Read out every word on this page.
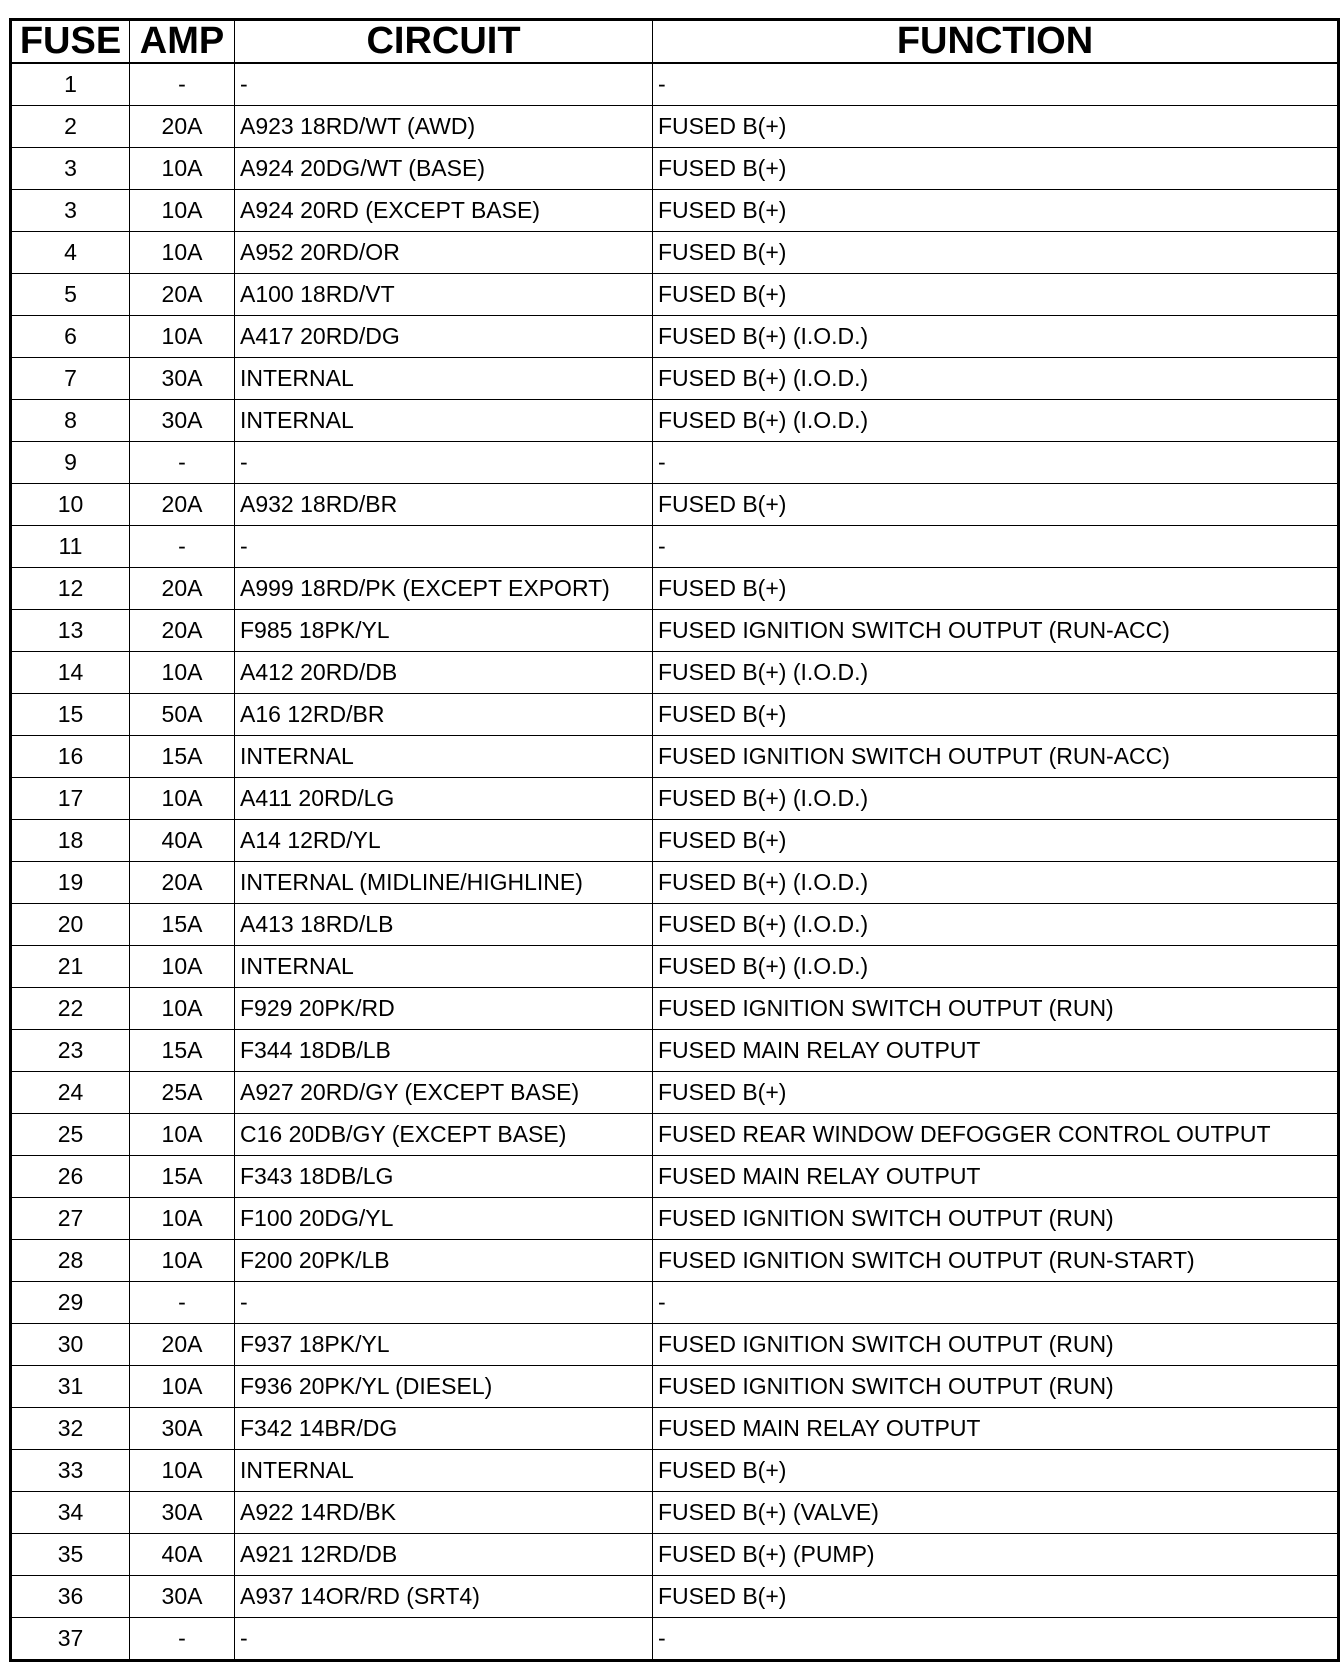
FUSE	AMP	CIRCUIT	FUNCTION
1	-	-	-
2	20A	A923 18RD/WT (AWD)	FUSED B(+)
3	10A	A924 20DG/WT (BASE)	FUSED B(+)
3	10A	A924 20RD (EXCEPT BASE)	FUSED B(+)
4	10A	A952 20RD/OR	FUSED B(+)
5	20A	A100 18RD/VT	FUSED B(+)
6	10A	A417 20RD/DG	FUSED B(+) (I.O.D.)
7	30A	INTERNAL	FUSED B(+) (I.O.D.)
8	30A	INTERNAL	FUSED B(+) (I.O.D.)
9	-	-	-
10	20A	A932 18RD/BR	FUSED B(+)
11	-	-	-
12	20A	A999 18RD/PK (EXCEPT EXPORT)	FUSED B(+)
13	20A	F985 18PK/YL	FUSED IGNITION SWITCH OUTPUT (RUN-ACC)
14	10A	A412 20RD/DB	FUSED B(+) (I.O.D.)
15	50A	A16 12RD/BR	FUSED B(+)
16	15A	INTERNAL	FUSED IGNITION SWITCH OUTPUT (RUN-ACC)
17	10A	A411 20RD/LG	FUSED B(+) (I.O.D.)
18	40A	A14 12RD/YL	FUSED B(+)
19	20A	INTERNAL (MIDLINE/HIGHLINE)	FUSED B(+) (I.O.D.)
20	15A	A413 18RD/LB	FUSED B(+) (I.O.D.)
21	10A	INTERNAL	FUSED B(+) (I.O.D.)
22	10A	F929 20PK/RD	FUSED IGNITION SWITCH OUTPUT (RUN)
23	15A	F344 18DB/LB	FUSED MAIN RELAY OUTPUT
24	25A	A927 20RD/GY (EXCEPT BASE)	FUSED B(+)
25	10A	C16 20DB/GY (EXCEPT BASE)	FUSED REAR WINDOW DEFOGGER CONTROL OUTPUT
26	15A	F343 18DB/LG	FUSED MAIN RELAY OUTPUT
27	10A	F100 20DG/YL	FUSED IGNITION SWITCH OUTPUT (RUN)
28	10A	F200 20PK/LB	FUSED IGNITION SWITCH OUTPUT (RUN-START)
29	-	-	-
30	20A	F937 18PK/YL	FUSED IGNITION SWITCH OUTPUT (RUN)
31	10A	F936 20PK/YL (DIESEL)	FUSED IGNITION SWITCH OUTPUT (RUN)
32	30A	F342 14BR/DG	FUSED MAIN RELAY OUTPUT
33	10A	INTERNAL	FUSED B(+)
34	30A	A922 14RD/BK	FUSED B(+) (VALVE)
35	40A	A921 12RD/DB	FUSED B(+) (PUMP)
36	30A	A937 14OR/RD (SRT4)	FUSED B(+)
37	-	-	-
